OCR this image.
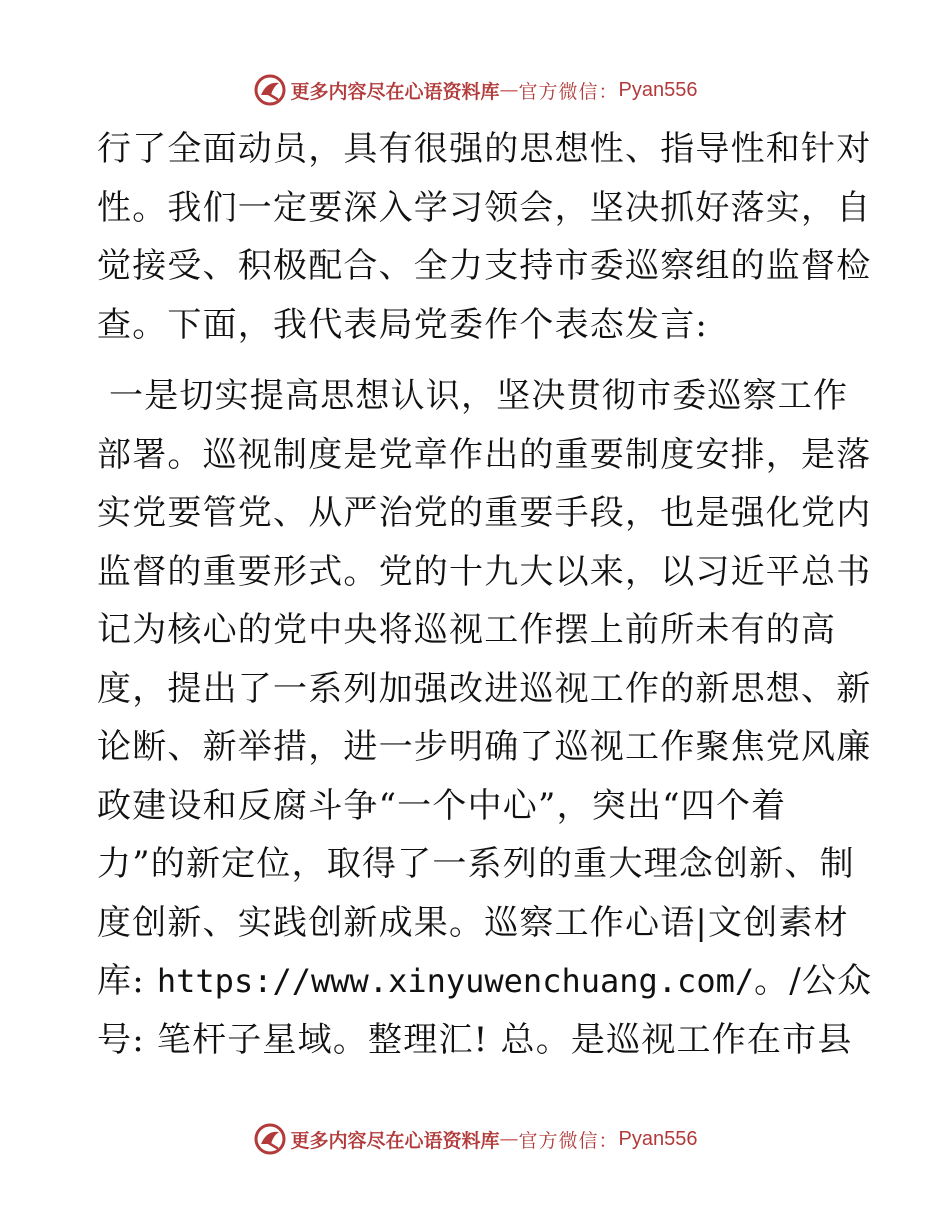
更多内容尽在心语资料库 — 官方微信： Pyan556
行了全面动员，具有很强的思想性、指导性和针对
性。我们一定要深入学习领会，坚决抓好落实，自
觉接受、积极配合、全力支持市委巡察组的监督检
查。下面，我代表局党委作个表态发言:
一是切实提高思想认识，坚决贯彻市委巡察工作
部署。巡视制度是党章作出的重要制度安排，是落
实党要管党、从严治党的重要手段，也是强化党内
监督的重要形式。党的十九大以来，以习近平总书
记为核心的党中央将巡视工作摆上前所未有的高
度，提出了一系列加强改进巡视工作的新思想、新
论断、新举措，进一步明确了巡视工作聚焦党风廉
政建设和反腐斗争“一个中心”，突出“四个着
力”的新定位，取得了一系列的重大理念创新、制
度创新、实践创新成果。巡察工作心语|文创素材
库: https://www.xinyuwenchuang.com/。/公众
号: 笔杆子星域。整理汇! 总。是巡视工作在市县
更多内容尽在心语资料库 — 官方微信： Pyan556
